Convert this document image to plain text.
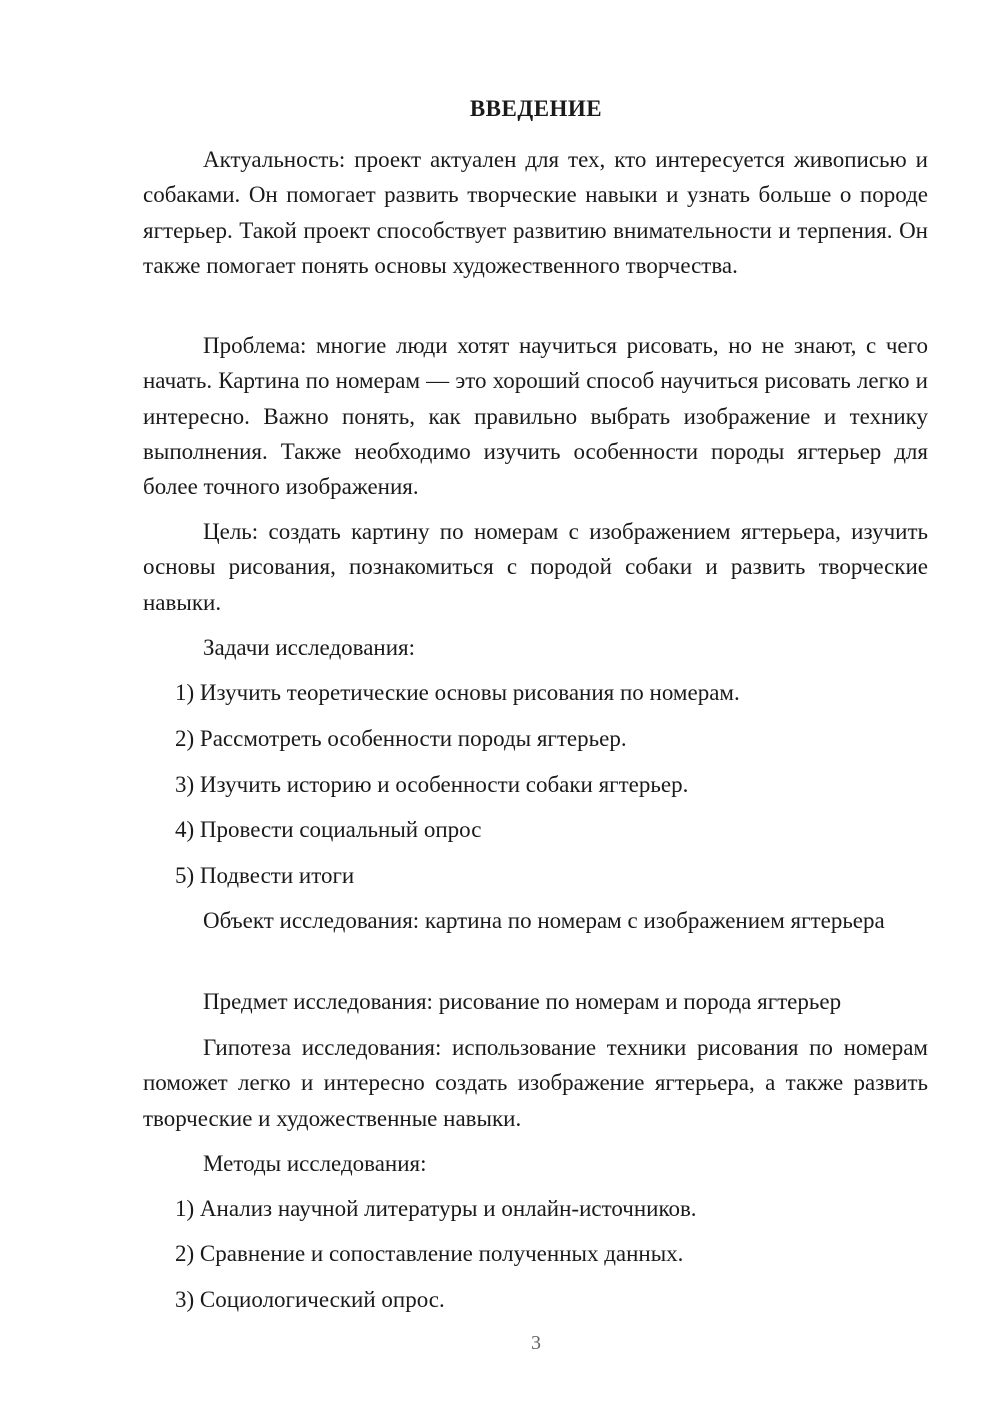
ВВЕДЕНИЕ

Актуальность: проект актуален для тех, кто интересуется живописью и собаками. Он помогает развить творческие навыки и узнать больше о породе ягтерьер. Такой проект способствует развитию внимательности и терпения. Он также помогает понять основы художественного творчества.

Проблема: многие люди хотят научиться рисовать, но не знают, с чего начать. Картина по номерам — это хороший способ научиться рисовать легко и интересно. Важно понять, как правильно выбрать изображение и технику выполнения. Также необходимо изучить особенности породы ягтерьер для более точного изображения.

Цель: создать картину по номерам с изображением ягтерьера, изучить основы рисования, познакомиться с породой собаки и развить творческие навыки.

Задачи исследования:

1) Изучить теоретические основы рисования по номерам.

2) Рассмотреть особенности породы ягтерьер.

3) Изучить историю и особенности собаки ягтерьер.

4) Провести социальный опрос

5) Подвести итоги

Объект исследования: картина по номерам с изображением ягтерьера

Предмет исследования: рисование по номерам и порода ягтерьер

Гипотеза исследования: использование техники рисования по номерам поможет легко и интересно создать изображение ягтерьера, а также развить творческие и художественные навыки.

Методы исследования:

1) Анализ научной литературы и онлайн-источников.

2) Сравнение и сопоставление полученных данных.

3) Социологический опрос.

3
